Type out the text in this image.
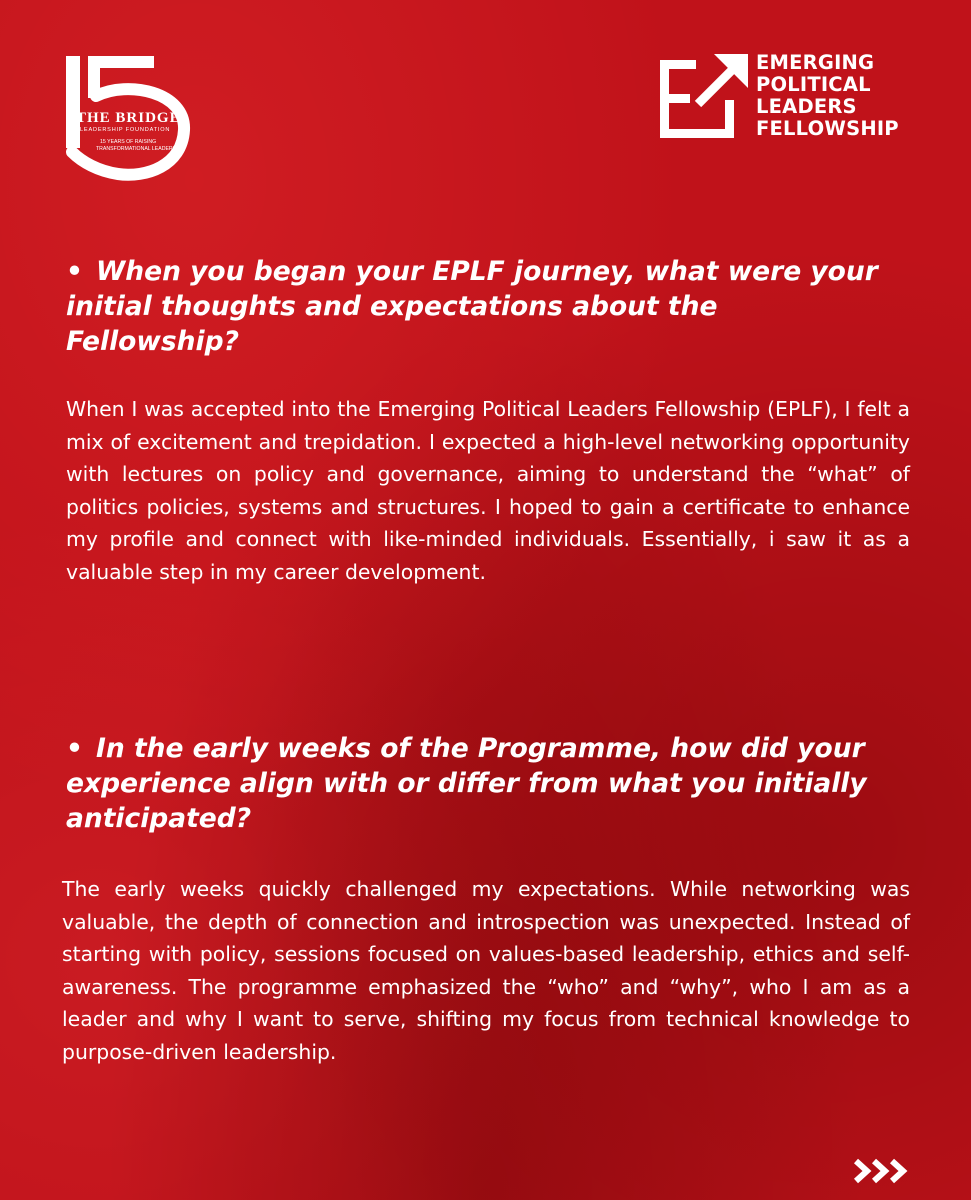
THE BRIDGE
LEADERSHIP FOUNDATION
15 YEARS OF RAISING
TRANSFORMATIONAL LEADERS
EMERGING
POLITICAL
LEADERS
FELLOWSHIP
• When you began your EPLF journey, what were your initial thoughts and expectations about the Fellowship?

When I was accepted into the Emerging Political Leaders Fellowship (EPLF), I felt a mix of excitement and trepidation. I expected a high-level networking opportunity with lectures on policy and governance, aiming to understand the “what” of politics policies, systems and structures. I hoped to gain a certificate to enhance my profile and connect with like-minded individuals. Essentially, i saw it as a valuable step in my career development.

• In the early weeks of the Programme, how did your experience align with or differ from what you initially anticipated?

The early weeks quickly challenged my expectations. While networking was valuable, the depth of connection and introspection was unexpected. Instead of starting with policy, sessions focused on values-based leadership, ethics and self-awareness. The programme emphasized the “who” and “why”, who I am as a leader and why I want to serve, shifting my focus from technical knowledge to purpose-driven leadership.
